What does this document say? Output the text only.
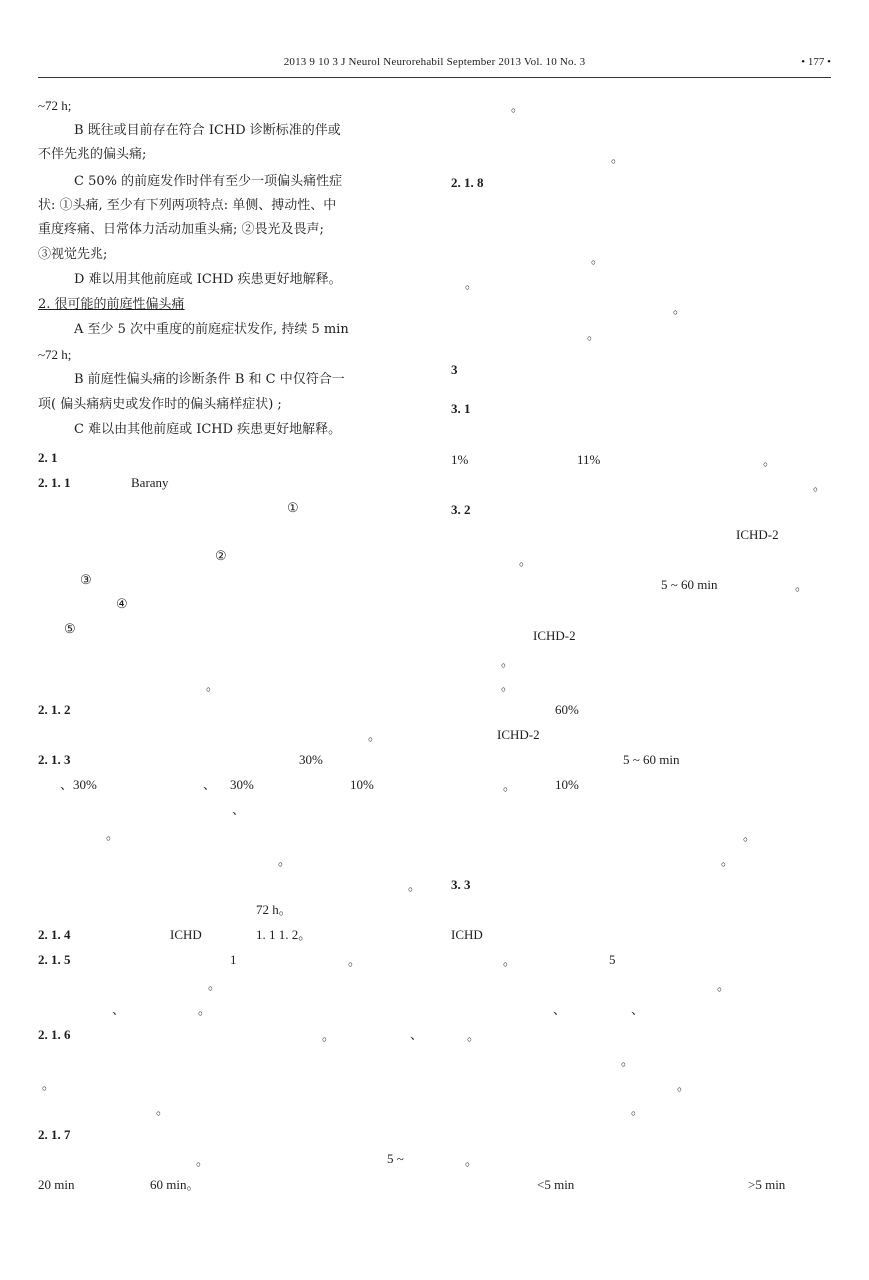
2013 9 10 3 J Neurol Neurorehabil September 2013 Vol. 10 No. 3	• 177 •
~72 h;
B 既往或目前存在符合 ICHD 诊断标准的伴或
不伴先兆的偏头痛;
C 50% 的前庭发作时伴有至少一项偏头痛性症
状: ①头痛, 至少有下列两项特点: 单侧、搏动性、中
重度疼痛、日常体力活动加重头痛; ②畏光及畏声;
③视觉先兆;
D 难以用其他前庭或 ICHD 疾患更好地解释。
2. 很可能的前庭性偏头痛
A 至少 5 次中重度的前庭症状发作, 持续 5 min
~72 h;
B 前庭性偏头痛的诊断条件 B 和 C 中仅符合一
项( 偏头痛病史或发作时的偏头痛样症状) ;
C 难以由其他前庭或 ICHD 疾患更好地解释。
2. 1
2. 1. 1	Barany
①
②
③
④
⑤
。
2. 1. 2
。
2. 1. 3	30%
、30%	、 30%	10%
、
。
。
。
72 h。
2. 1. 4	ICHD	1. 1 1. 2。
2. 1. 5	1	。
。
、	。
2. 1. 6	。	、
。
。
2. 1. 7
。	5 ~
20 min	60 min。
。
。
2. 1. 8
。
。
。
。
3
3. 1
1%	11%	。
。
3. 2
ICHD-2
。
5 ~ 60 min	。
ICHD-2
。
。
60%
ICHD-2
5 ~ 60 min
。	10%
。
。
3. 3
ICHD
。	5
。
、	、
。
。
。
。
。
<5 min	>5 min
